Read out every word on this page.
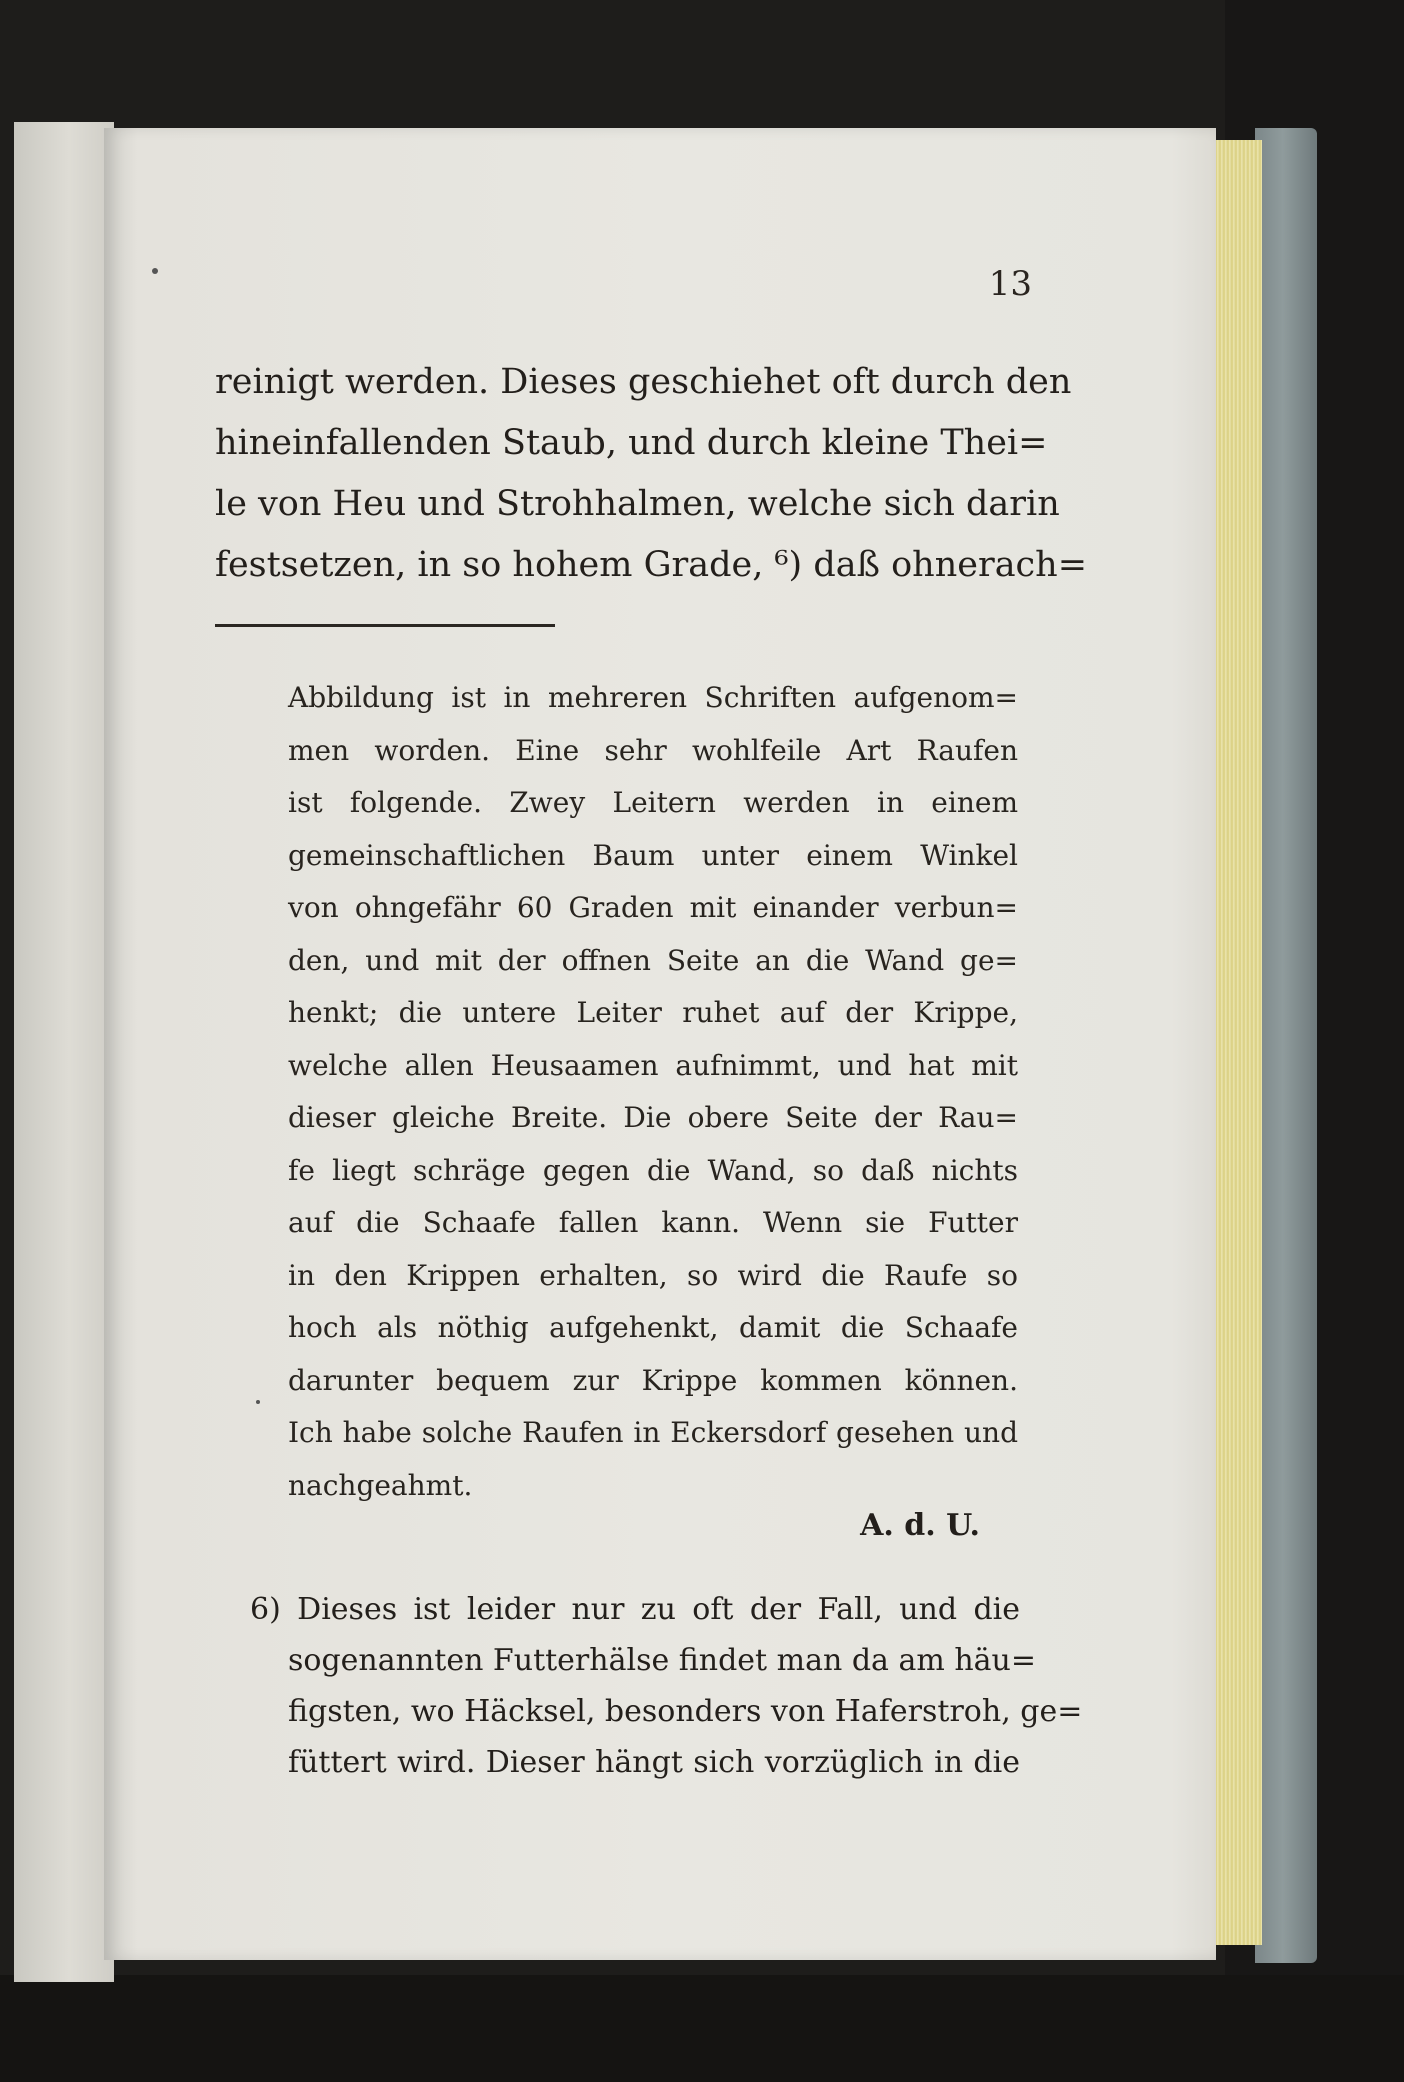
13
reinigt werden. Dieses geschiehet oft durch den
hineinfallenden Staub, und durch kleine Thei=
le von Heu und Strohhalmen, welche sich darin
festsetzen, in so hohem Grade, ⁶) daß ohnerach=
Abbildung ist in mehreren Schriften aufgenom=
men worden. Eine sehr wohlfeile Art Raufen
ist folgende. Zwey Leitern werden in einem
gemeinschaftlichen Baum unter einem Winkel
von ohngefähr 60 Graden mit einander verbun=
den, und mit der offnen Seite an die Wand ge=
henkt; die untere Leiter ruhet auf der Krippe,
welche allen Heusaamen aufnimmt, und hat mit
dieser gleiche Breite. Die obere Seite der Rau=
fe liegt schräge gegen die Wand, so daß nichts
auf die Schaafe fallen kann. Wenn sie Futter
in den Krippen erhalten, so wird die Raufe so
hoch als nöthig aufgehenkt, damit die Schaafe
darunter bequem zur Krippe kommen können.
Ich habe solche Raufen in Eckersdorf gesehen und
nachgeahmt.
A. d. U.
6) Dieses ist leider nur zu oft der Fall, und die
sogenannten Futterhälse findet man da am häu=
figsten, wo Häcksel, besonders von Haferstroh, ge=
füttert wird. Dieser hängt sich vorzüglich in die
